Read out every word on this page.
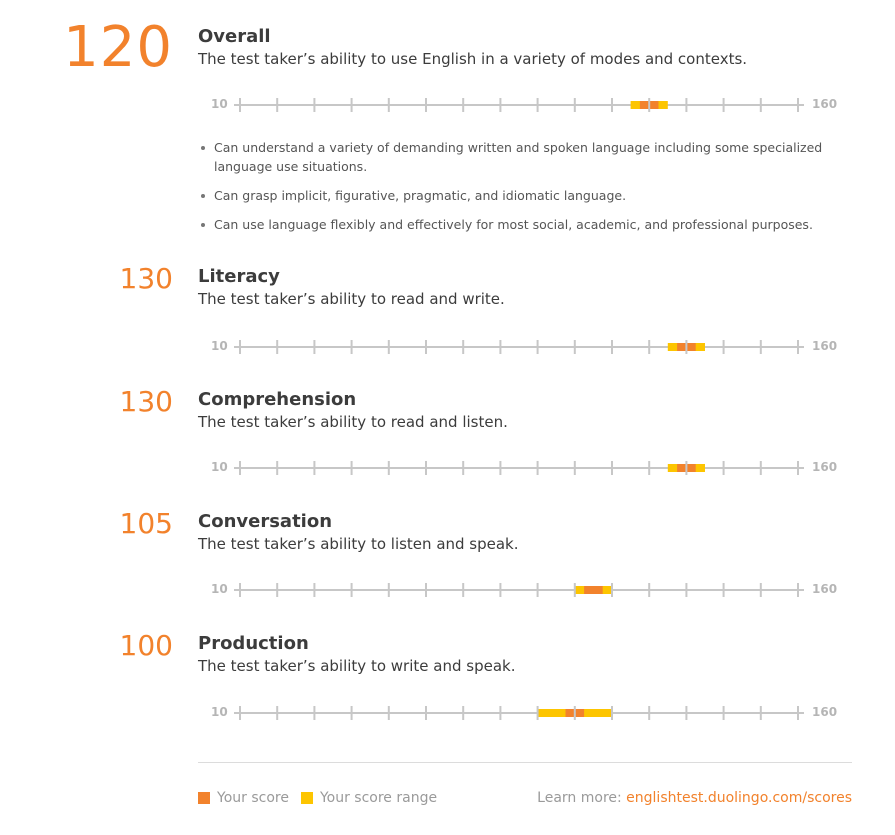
120 Overall
The test taker’s ability to use English in a variety of modes and contexts.
10	160
Can understand a variety of demanding written and spoken language including some specialized language use situations.
Can grasp implicit, figurative, pragmatic, and idiomatic language.
Can use language flexibly and effectively for most social, academic, and professional purposes.
130 Literacy
The test taker’s ability to read and write.
10	160
130 Comprehension
The test taker’s ability to read and listen.
10	160
105 Conversation
The test taker’s ability to listen and speak.
10	160
100 Production
The test taker’s ability to write and speak.
10	160
Your score Your score range	Learn more: englishtest.duolingo.com/scores
